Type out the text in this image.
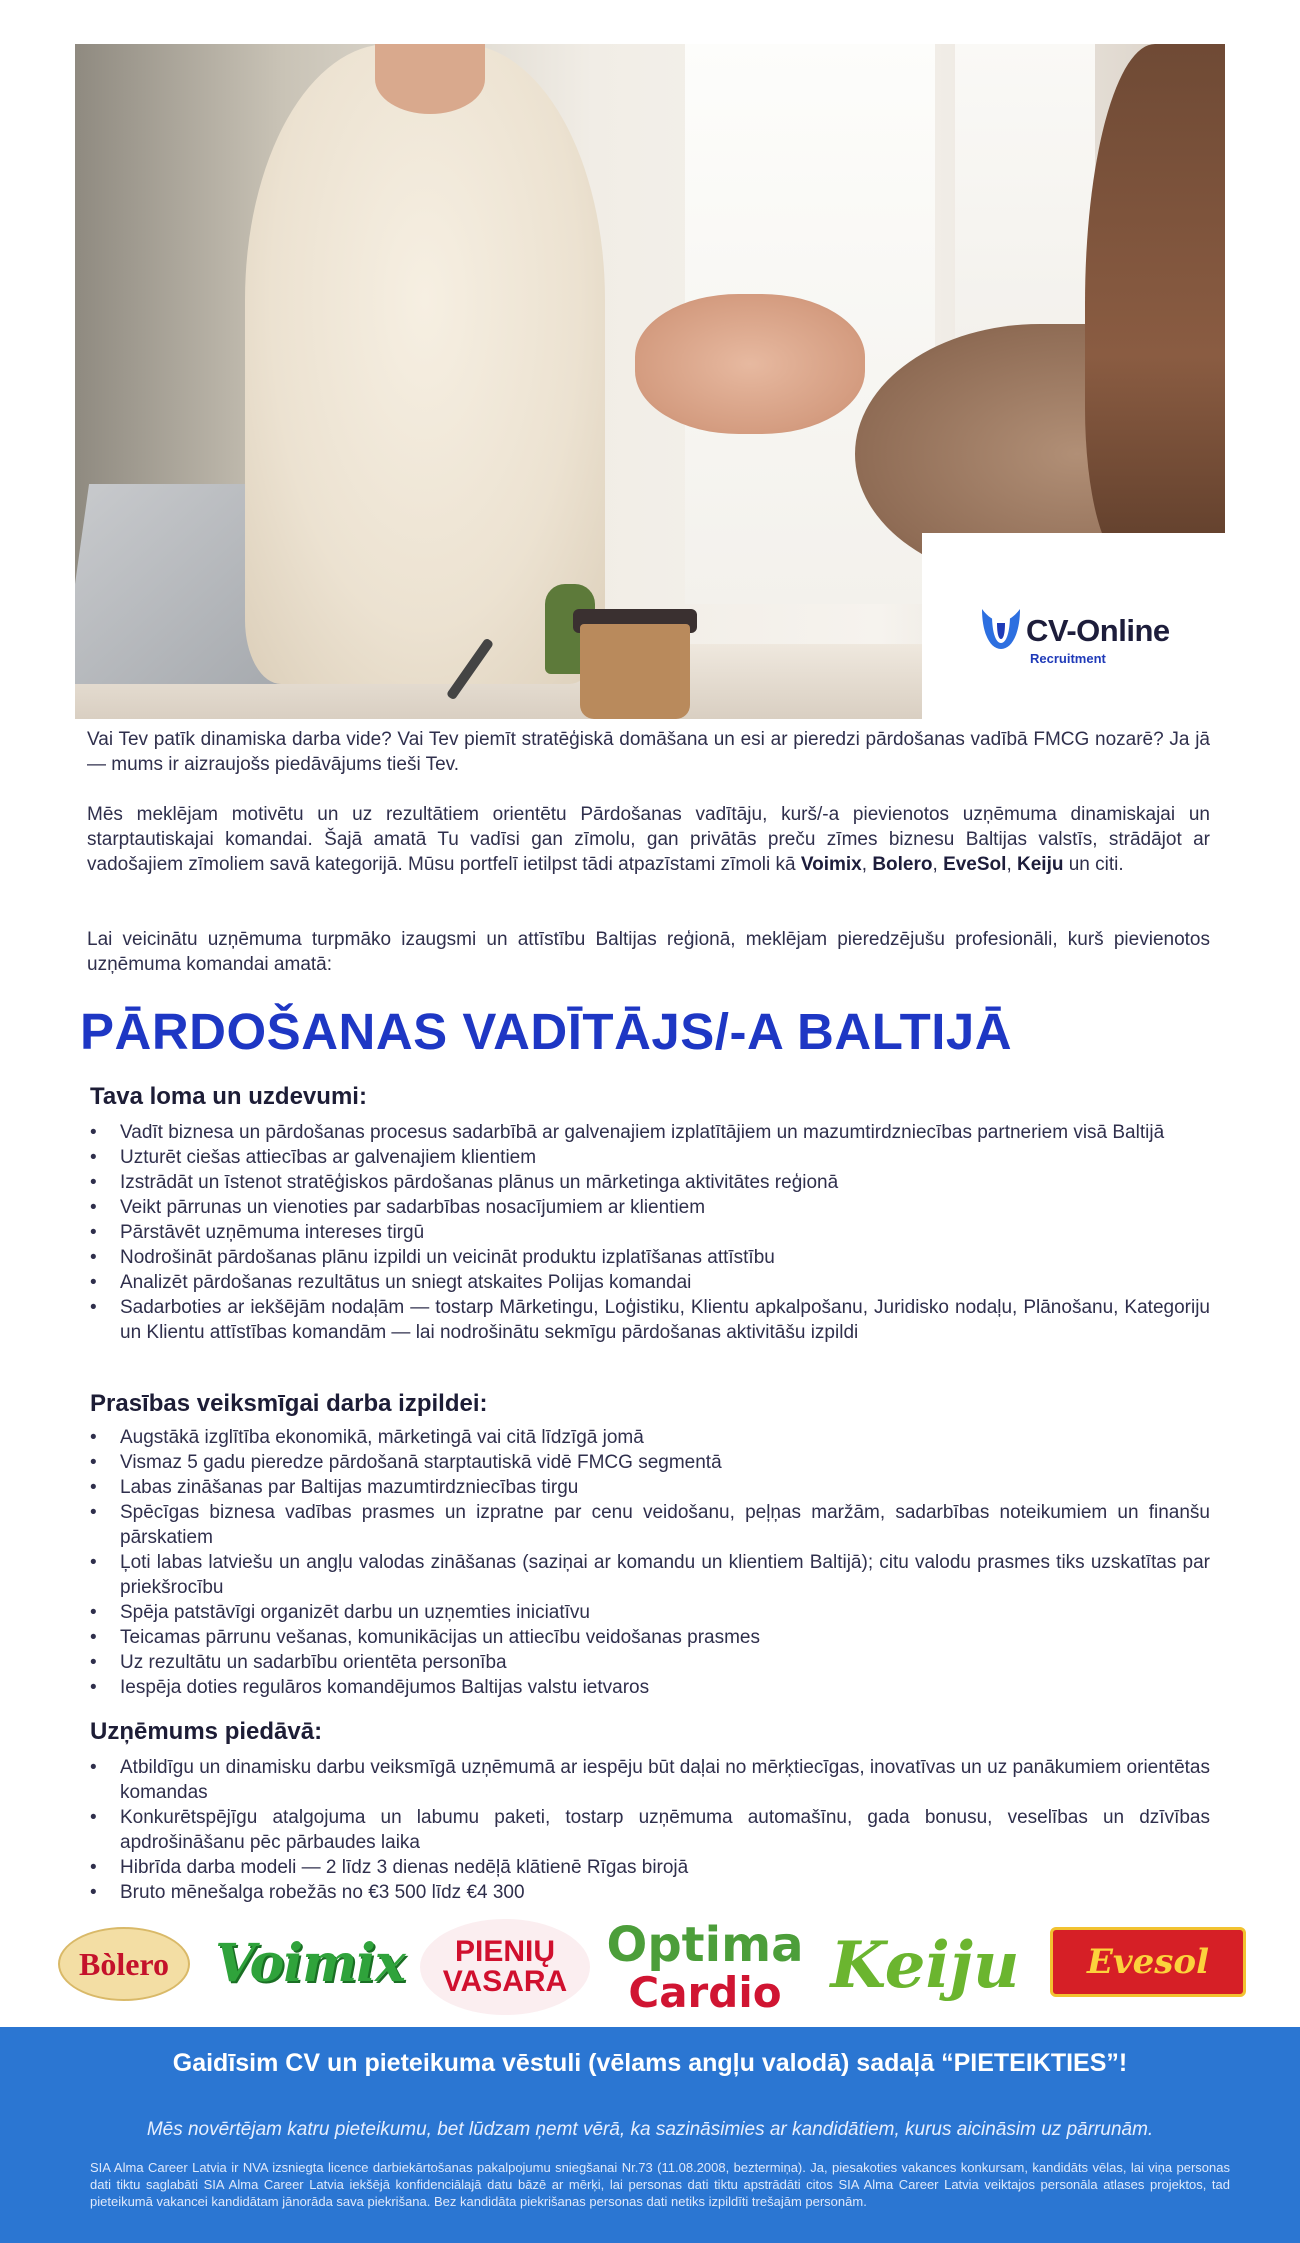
CV-Online
Recruitment

Vai Tev patīk dinamiska darba vide? Vai Tev piemīt stratēģiskā domāšana un esi ar pieredzi pārdošanas vadībā FMCG nozarē? Ja jā — mums ir aizraujošs piedāvājums tieši Tev.

Mēs meklējam motivētu un uz rezultātiem orientētu Pārdošanas vadītāju, kurš/-a pievienotos uzņēmuma dinamiskajai un starptautiskajai komandai. Šajā amatā Tu vadīsi gan zīmolu, gan privātās preču zīmes biznesu Baltijas valstīs, strādājot ar vadošajiem zīmoliem savā kategorijā. Mūsu portfelī ietilpst tādi atpazīstami zīmoli kā Voimix, Bolero, EveSol, Keiju un citi.

Lai veicinātu uzņēmuma turpmāko izaugsmi un attīstību Baltijas reģionā, meklējam pieredzējušu profesionāli, kurš pievienotos uzņēmuma komandai amatā:

PĀRDOŠANAS VADĪTĀJS/-A BALTIJĀ
Tava loma un uzdevumi:
• Vadīt biznesa un pārdošanas procesus sadarbībā ar galvenajiem izplatītājiem un mazumtirdzniecības partneriem visā Baltijā
• Uzturēt ciešas attiecības ar galvenajiem klientiem
• Izstrādāt un īstenot stratēģiskos pārdošanas plānus un mārketinga aktivitātes reģionā
• Veikt pārrunas un vienoties par sadarbības nosacījumiem ar klientiem
• Pārstāvēt uzņēmuma intereses tirgū
• Nodrošināt pārdošanas plānu izpildi un veicināt produktu izplatīšanas attīstību
• Analizēt pārdošanas rezultātus un sniegt atskaites Polijas komandai
• Sadarboties ar iekšējām nodaļām — tostarp Mārketingu, Loģistiku, Klientu apkalpošanu, Juridisko nodaļu, Plānošanu, Kategoriju un Klientu attīstības komandām — lai nodrošinātu sekmīgu pārdošanas aktivitāšu izpildi
Prasības veiksmīgai darba izpildei:
• Augstākā izglītība ekonomikā, mārketingā vai citā līdzīgā jomā
• Vismaz 5 gadu pieredze pārdošanā starptautiskā vidē FMCG segmentā
• Labas zināšanas par Baltijas mazumtirdzniecības tirgu
• Spēcīgas biznesa vadības prasmes un izpratne par cenu veidošanu, peļņas maržām, sadarbības noteikumiem un finanšu pārskatiem
• Ļoti labas latviešu un angļu valodas zināšanas (saziņai ar komandu un klientiem Baltijā); citu valodu prasmes tiks uzskatītas par priekšrocību
• Spēja patstāvīgi organizēt darbu un uzņemties iniciatīvu
• Teicamas pārrunu vešanas, komunikācijas un attiecību veidošanas prasmes
• Uz rezultātu un sadarbību orientēta personība
• Iespēja doties regulāros komandējumos Baltijas valstu ietvaros
Uzņēmums piedāvā:
• Atbildīgu un dinamisku darbu veiksmīgā uzņēmumā ar iespēju būt daļai no mērķtiecīgas, inovatīvas un uz panākumiem orientētas komandas
• Konkurētspējīgu atalgojuma un labumu paketi, tostarp uzņēmuma automašīnu, gada bonusu, veselības un dzīvības apdrošināšanu pēc pārbaudes laika
• Hibrīda darba modeli — 2 līdz 3 dienas nedēļā klātienē Rīgas birojā
• Bruto mēnešalga robežās no €3 500 līdz €4 300
Bòlero Voimix PIENIŲ
VASARA
Optima
Cardio Keiju Evesol

Gaidīsim CV un pieteikuma vēstuli (vēlams angļu valodā) sadaļā “PIETEIKTIES”!

Mēs novērtējam katru pieteikumu, bet lūdzam ņemt vērā, ka sazināsimies ar kandidātiem, kurus aicināsim uz pārrunām.

SIA Alma Career Latvia ir NVA izsniegta licence darbiekārtošanas pakalpojumu sniegšanai Nr.73 (11.08.2008, beztermiņa). Ja, piesakoties vakances konkursam, kandidāts vēlas, lai viņa personas dati tiktu saglabāti SIA Alma Career Latvia iekšējā konfidenciālajā datu bāzē ar mērķi, lai personas dati tiktu apstrādāti citos SIA Alma Career Latvia veiktajos personāla atlases projektos, tad pieteikumā vakancei kandidātam jānorāda sava piekrišana. Bez kandidāta piekrišanas personas dati netiks izpildīti trešajām personām.
